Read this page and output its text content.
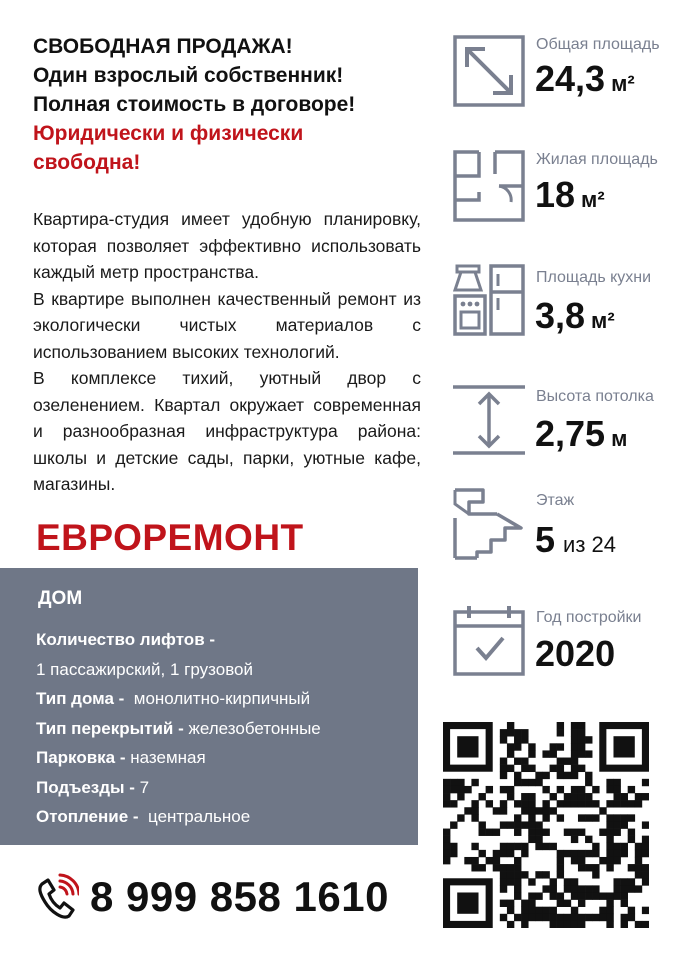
СВОБОДНАЯ ПРОДАЖА!
Один взрослый собственник!
Полная стоимость в договоре!
Юридически и физически
свободна!

Квартира-студия имеет удобную планировку, которая позволяет эффективно использовать каждый метр пространства.

В квартире выполнен качественный ремонт из экологически чистых материалов с использованием высоких технологий.

В комплексе тихий, уютный двор с озеленением. Квартал окружает современная и разнообразная инфраструктура района: школы и детские сады, парки, уютные кафе, магазины.

ЕВРОРЕМОНТ
ДОМ
Количество лифтов -
1 пассажирский, 1 грузовой
Тип дома - монолитно-кирпичный
Тип перекрытий - железобетонные
Парковка - наземная
Подъезды - 7
Отопление - центральное
8 999 858 1610
Общая площадь
24,3 м²
Жилая площадь
18 м²
Площадь кухни
3,8 м²
Высота потолка
2,75 м
Этаж
5 из 24
Год постройки
2020
